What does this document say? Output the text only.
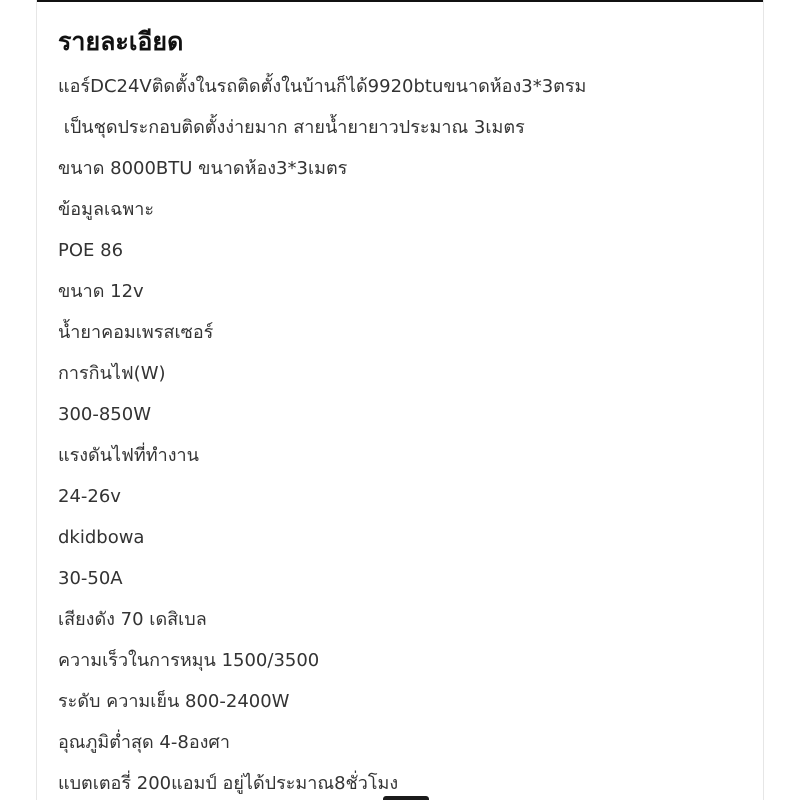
รายละเอียด
แอร์DC24Vติดตั้งในรถติดตั้งในบ้านก็ได้9920btuขนาดห้อง3*3ตรม
เป็นชุดประกอบติดตั้งง่ายมาก สายน้ำยายาวประมาณ 3เมตร
ขนาด 8000BTU ขนาดห้อง3*3เมตร
ข้อมูลเฉพาะ
POE 86
ขนาด 12v
น้ำยาคอมเพรสเซอร์
การกินไฟ(W)
300-850W
แรงดันไฟที่ทำงาน
24-26v
dkidbowa
30-50A
เสียงดัง 70 เดสิเบล
ความเร็วในการหมุน 1500/3500
ระดับ ความเย็น 800-2400W
อุณภูมิต่ำสุด 4-8องศา
แบตเตอรี่ 200แอมป์ อยู่ได้ประมาณ8ชั่วโมง
